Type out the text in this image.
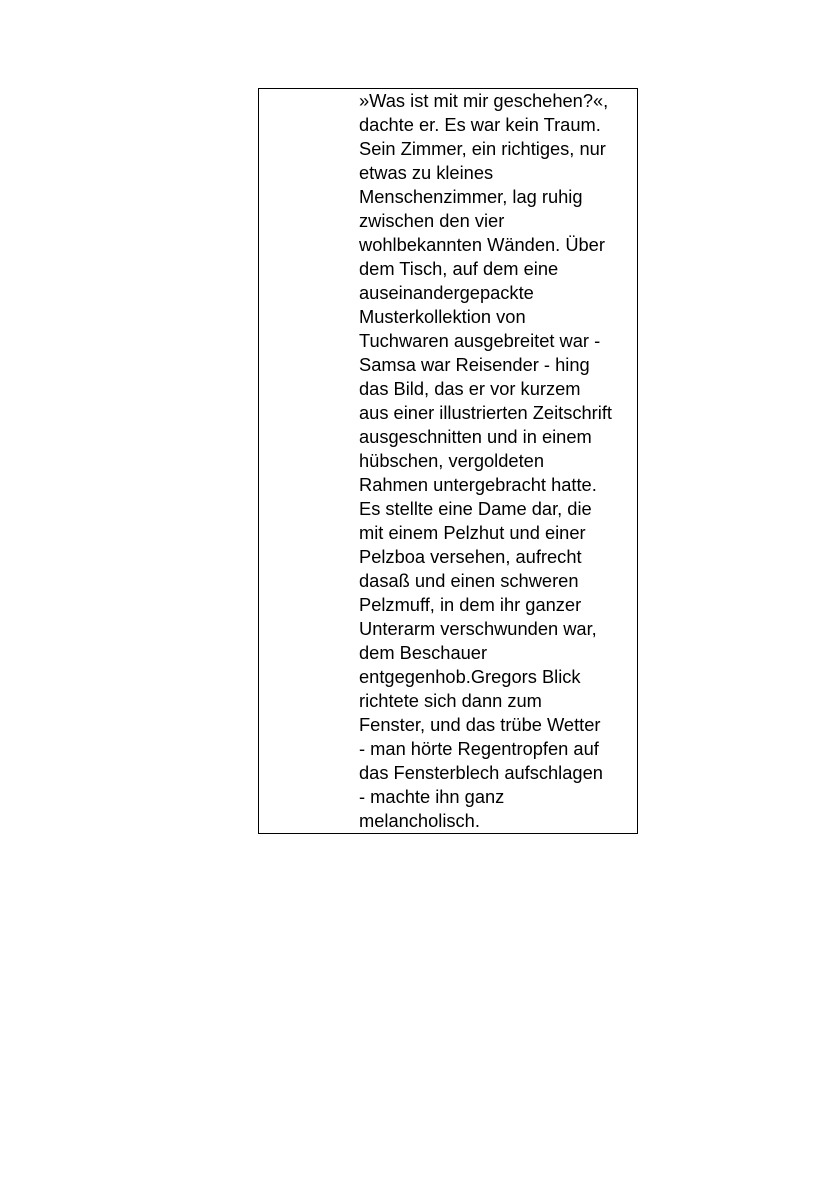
»Was ist mit mir geschehen?«,
dachte er. Es war kein Traum.
Sein Zimmer, ein richtiges, nur
etwas zu kleines
Menschenzimmer, lag ruhig
zwischen den vier
wohlbekannten Wänden. Über
dem Tisch, auf dem eine
auseinandergepackte
Musterkollektion von
Tuchwaren ausgebreitet war -
Samsa war Reisender - hing
das Bild, das er vor kurzem
aus einer illustrierten Zeitschrift
ausgeschnitten und in einem
hübschen, vergoldeten
Rahmen untergebracht hatte.
Es stellte eine Dame dar, die
mit einem Pelzhut und einer
Pelzboa versehen, aufrecht
dasaß und einen schweren
Pelzmuff, in dem ihr ganzer
Unterarm verschwunden war,
dem Beschauer
entgegenhob.Gregors Blick
richtete sich dann zum
Fenster, und das trübe Wetter
- man hörte Regentropfen auf
das Fensterblech aufschlagen
- machte ihn ganz
melancholisch.
